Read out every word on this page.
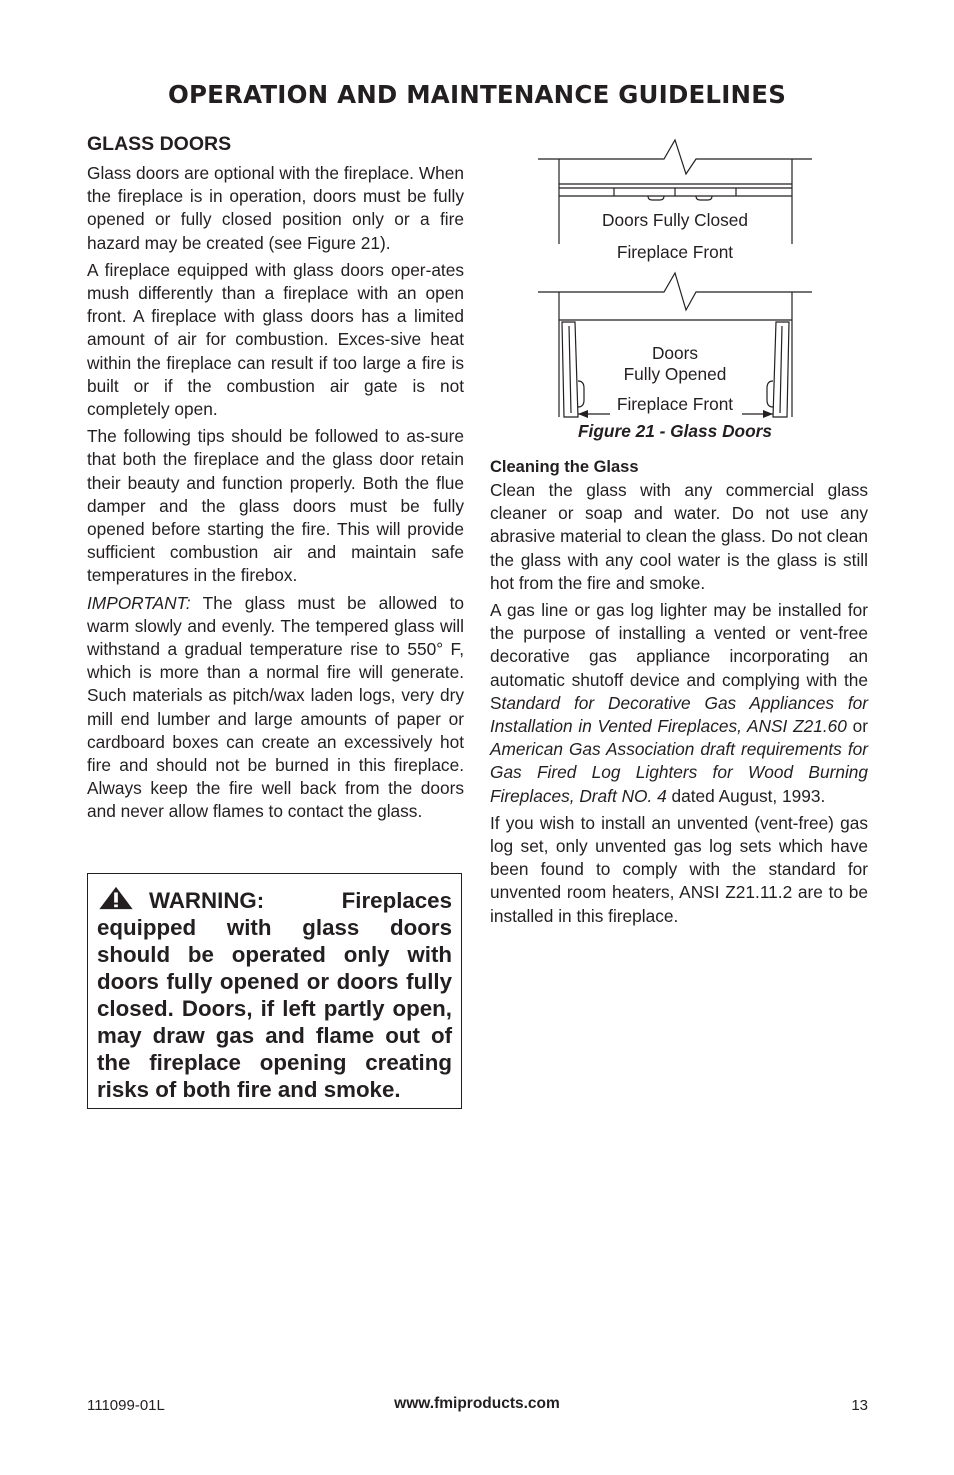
OPERATION AND MAINTENANCE GUIDELINES
GLASS DOORS

Glass doors are optional with the fireplace. When the fireplace is in operation, doors must be fully opened or fully closed position only or a fire hazard may be created (see Figure 21).

A fireplace equipped with glass doors oper-ates mush differently than a fireplace with an open front. A fireplace with glass doors has a limited amount of air for combustion. Exces-sive heat within the fireplace can result if too large a fire is built or if the combustion air gate is not completely open.

The following tips should be followed to as-sure that both the fireplace and the glass door retain their beauty and function properly. Both the flue damper and the glass doors must be fully opened before starting the fire. This will provide sufficient combustion air and maintain safe temperatures in the firebox.

IMPORTANT: The glass must be allowed to warm slowly and evenly. The tempered glass will withstand a gradual temperature rise to 550° F, which is more than a normal fire will generate. Such materials as pitch/wax laden logs, very dry mill end lumber and large amounts of paper or cardboard boxes can create an excessively hot fire and should not be burned in this fireplace. Always keep the fire well back from the doors and never allow flames to contact the glass.

WARNING: Fireplaces equipped with glass doors should be operated only with doors fully opened or doors fully closed. Doors, if left partly open, may draw gas and flame out of the fireplace opening creating risks of both fire and smoke.

Doors Fully Closed
Fireplace Front
Doors
Fully Opened
Fireplace Front
Figure 21 - Glass Doors
Cleaning the Glass

Clean the glass with any commercial glass cleaner or soap and water. Do not use any abrasive material to clean the glass. Do not clean the glass with any cool water is the glass is still hot from the fire and smoke.

A gas line or gas log lighter may be installed for the purpose of installing a vented or vent-free decorative gas appliance incorporating an automatic shutoff device and complying with the Standard for Decorative Gas Appliances for Installation in Vented Fireplaces, ANSI Z21.60 or American Gas Association draft requirements for Gas Fired Log Lighters for Wood Burning Fireplaces, Draft NO. 4 dated August, 1993.

If you wish to install an unvented (vent-free) gas log set, only unvented gas log sets which have been found to comply with the standard for unvented room heaters, ANSI Z21.11.2 are to be installed in this fireplace.

111099-01L	www.fmiproducts.com	13
